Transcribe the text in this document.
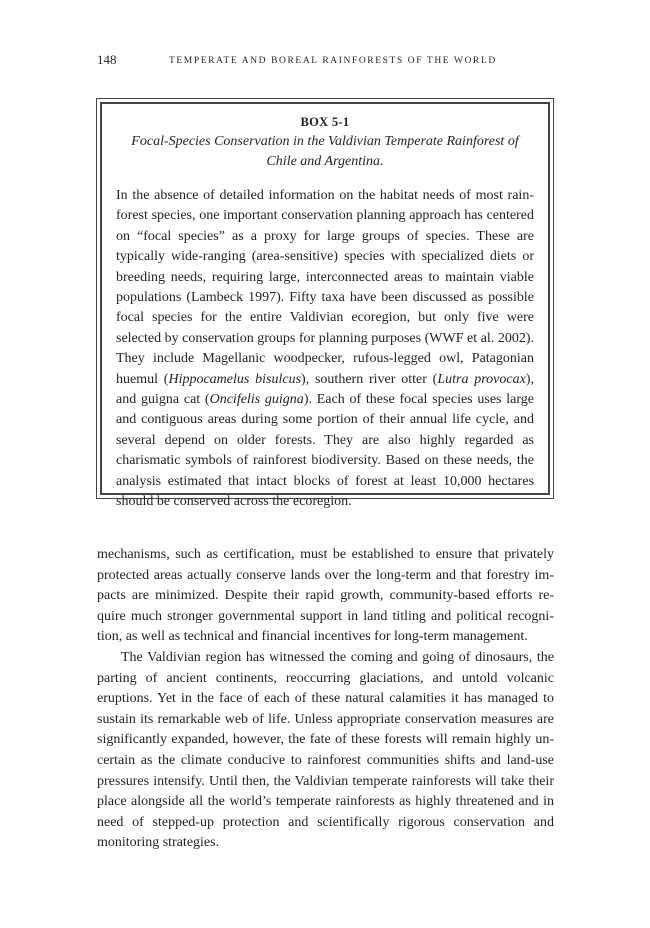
148	TEMPERATE AND BOREAL RAINFORESTS OF THE WORLD
BOX 5-1
Focal-Species Conservation in the Valdivian Temperate Rainforest of Chile and Argentina.

In the absence of detailed information on the habitat needs of most rainforest species, one important conservation planning approach has centered on “focal species” as a proxy for large groups of species. These are typically wide-ranging (area-sensitive) species with specialized diets or breeding needs, requiring large, interconnected areas to maintain viable populations (Lambeck 1997). Fifty taxa have been discussed as possible focal species for the entire Valdivian ecoregion, but only five were selected by conservation groups for planning purposes (WWF et al. 2002). They include Magellanic woodpecker, rufous-legged owl, Patagonian huemul (Hippocamelus bisulcus), southern river otter (Lutra provocax), and guigna cat (Oncifelis guigna). Each of these focal species uses large and contiguous areas during some portion of their annual life cycle, and several depend on older forests. They are also highly regarded as charismatic symbols of rainforest biodiversity. Based on these needs, the analysis estimated that intact blocks of forest at least 10,000 hectares should be conserved across the ecoregion.

mechanisms, such as certification, must be established to ensure that privately protected areas actually conserve lands over the long-term and that forestry impacts are minimized. Despite their rapid growth, community-based efforts require much stronger governmental support in land titling and political recognition, as well as technical and financial incentives for long-term management.

The Valdivian region has witnessed the coming and going of dinosaurs, the parting of ancient continents, reoccurring glaciations, and untold volcanic eruptions. Yet in the face of each of these natural calamities it has managed to sustain its remarkable web of life. Unless appropriate conservation measures are significantly expanded, however, the fate of these forests will remain highly uncertain as the climate conducive to rainforest communities shifts and land-use pressures intensify. Until then, the Valdivian temperate rainforests will take their place alongside all the world’s temperate rainforests as highly threatened and in need of stepped-up protection and scientifically rigorous conservation and monitoring strategies.
